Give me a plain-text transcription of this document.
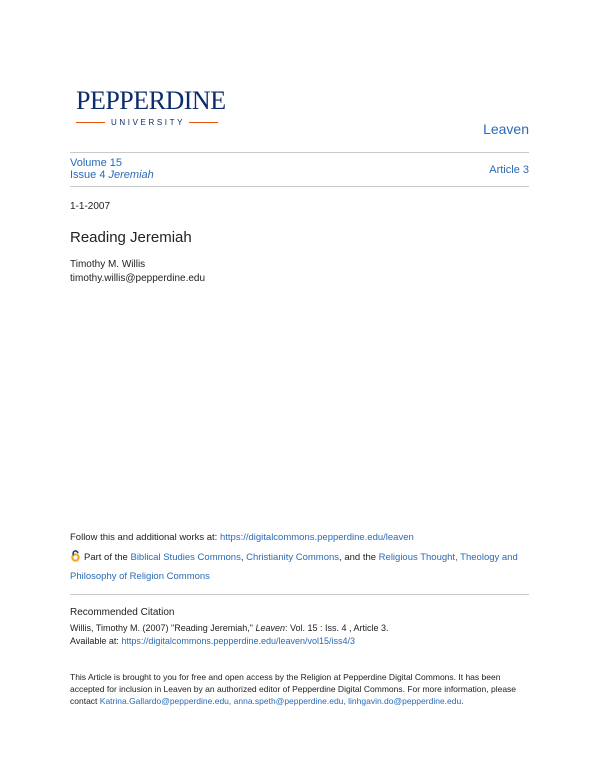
PEPPERDINE
UNIVERSITY	Leaven
Volume 15
Issue 4 Jeremiah	Article 3
1-1-2007
Reading Jeremiah
Timothy M. Willis
timothy.willis@pepperdine.edu
Follow this and additional works at: https://digitalcommons.pepperdine.edu/leaven
Part of the Biblical Studies Commons, Christianity Commons, and the Religious Thought, Theology and Philosophy of Religion Commons
Recommended Citation
Willis, Timothy M. (2007) "Reading Jeremiah," Leaven: Vol. 15 : Iss. 4 , Article 3.
Available at: https://digitalcommons.pepperdine.edu/leaven/vol15/iss4/3
This Article is brought to you for free and open access by the Religion at Pepperdine Digital Commons. It has been accepted for inclusion in Leaven by an authorized editor of Pepperdine Digital Commons. For more information, please contact Katrina.Gallardo@pepperdine.edu, anna.speth@pepperdine.edu, linhgavin.do@pepperdine.edu.
